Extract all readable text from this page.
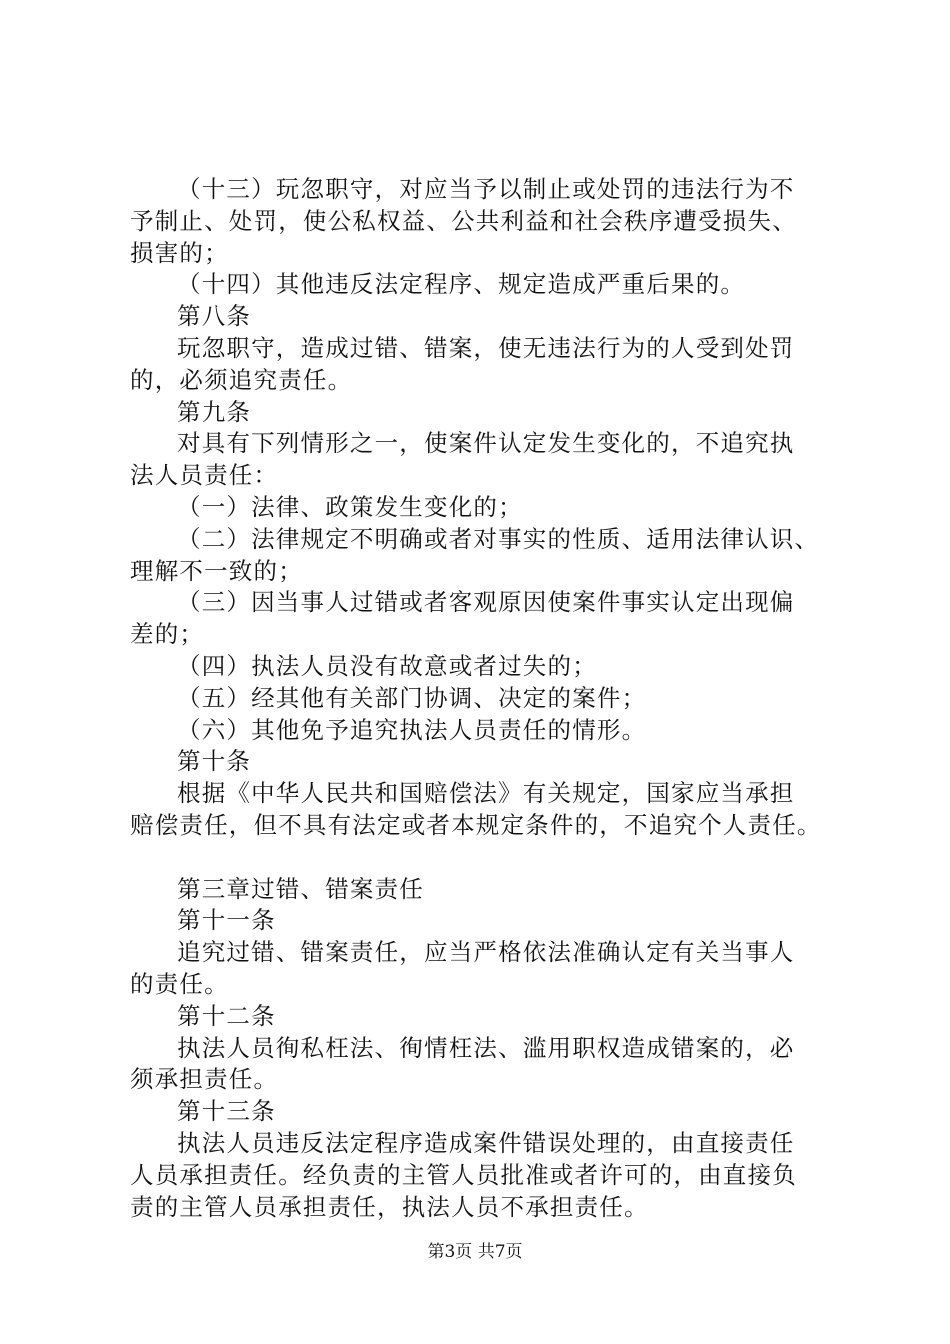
（十三）玩忽职守，对应当予以制止或处罚的违法行为不
予制止、处罚，使公私权益、公共利益和社会秩序遭受损失、
损害的；
（十四）其他违反法定程序、规定造成严重后果的。
第八条
玩忽职守，造成过错、错案，使无违法行为的人受到处罚
的，必须追究责任。
第九条
对具有下列情形之一，使案件认定发生变化的，不追究执
法人员责任：
（一）法律、政策发生变化的；
（二）法律规定不明确或者对事实的性质、适用法律认识、
理解不一致的；
（三）因当事人过错或者客观原因使案件事实认定出现偏
差的；
（四）执法人员没有故意或者过失的；
（五）经其他有关部门协调、决定的案件；
（六）其他免予追究执法人员责任的情形。
第十条
根据《中华人民共和国赔偿法》有关规定，国家应当承担
赔偿责任，但不具有法定或者本规定条件的，不追究个人责任。
第三章过错、错案责任
第十一条
追究过错、错案责任，应当严格依法准确认定有关当事人
的责任。
第十二条
执法人员徇私枉法、徇情枉法、滥用职权造成错案的，必
须承担责任。
第十三条
执法人员违反法定程序造成案件错误处理的，由直接责任
人员承担责任。经负责的主管人员批准或者许可的，由直接负
责的主管人员承担责任，执法人员不承担责任。
第3页 共7页
